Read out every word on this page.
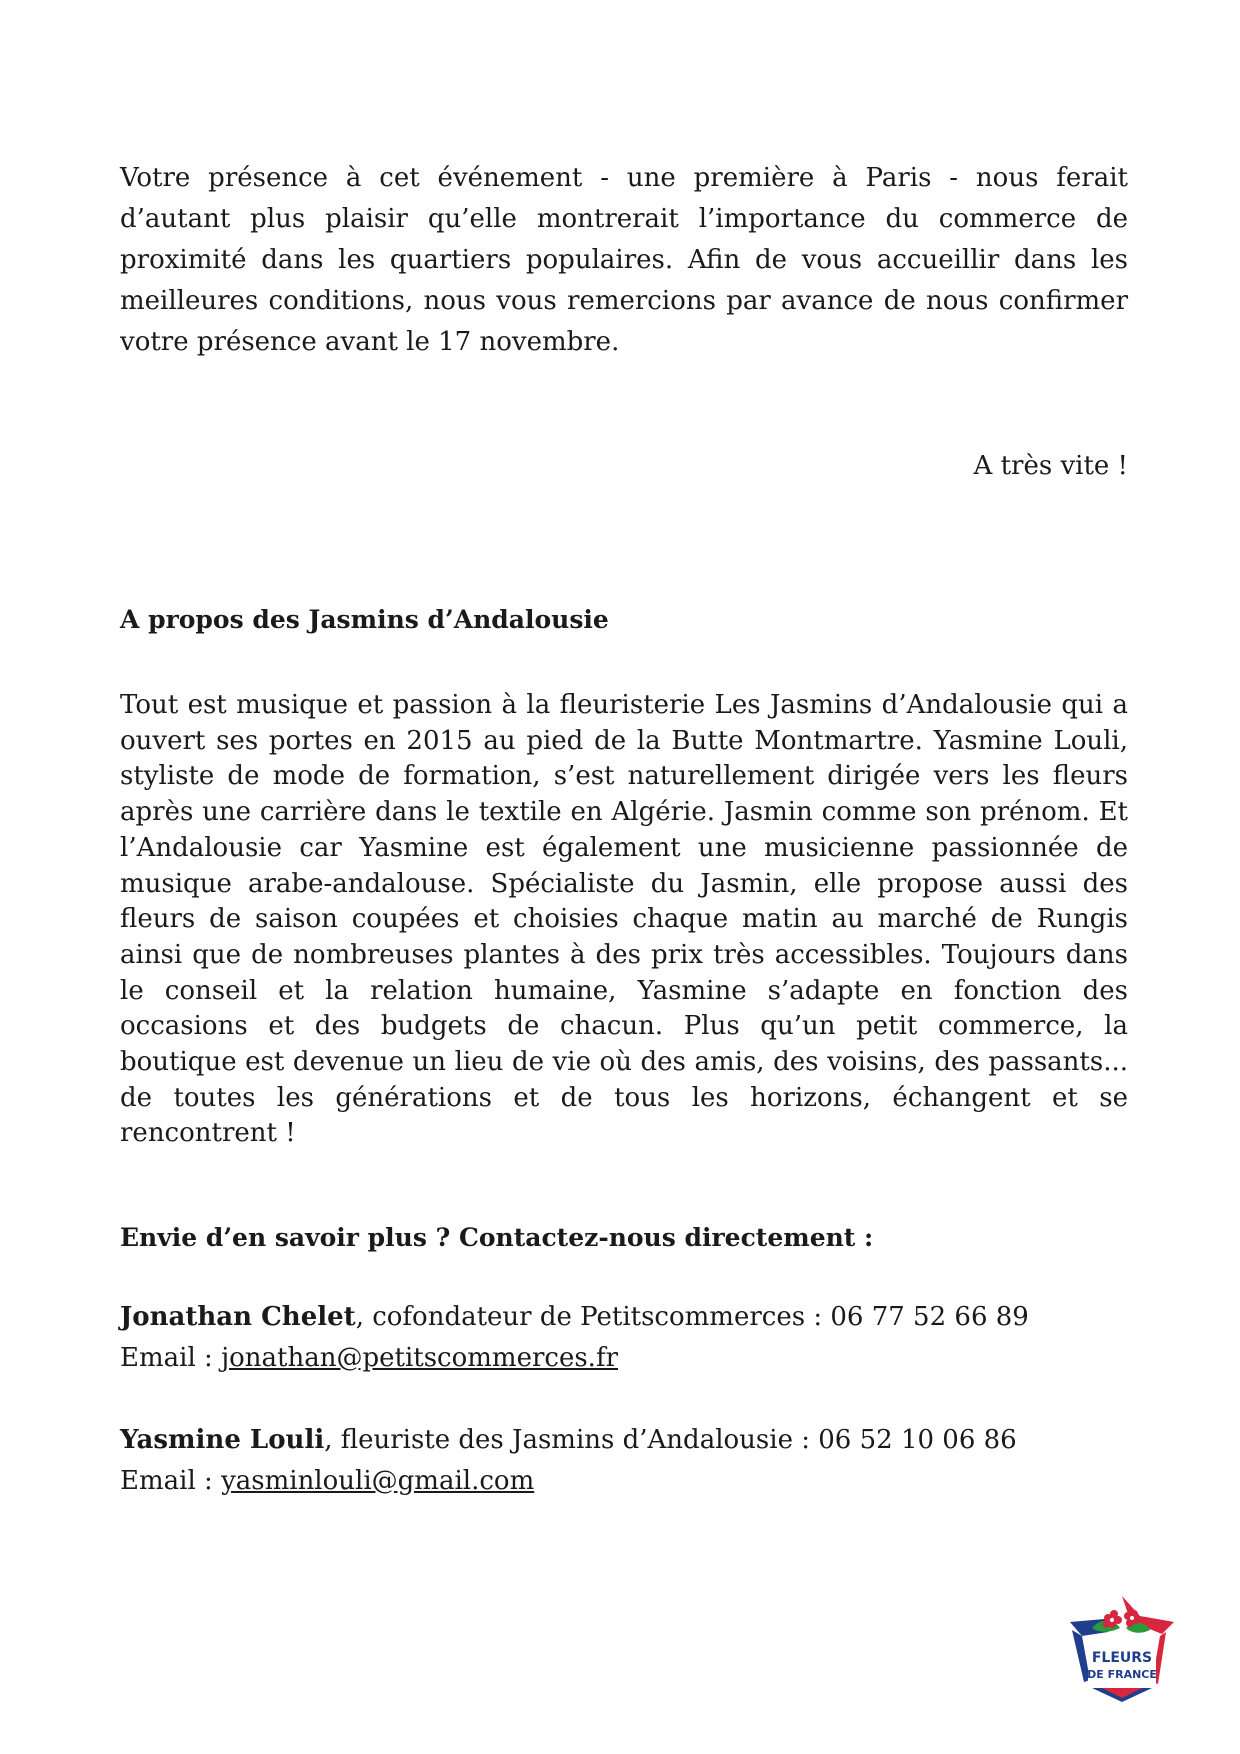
Votre présence à cet événement - une première à Paris - nous ferait d’autant plus plaisir qu’elle montrerait l’importance du commerce de proximité dans les quartiers populaires. Afin de vous accueillir dans les meilleures conditions, nous vous remercions par avance de nous confirmer votre présence avant le 17 novembre.
A très vite !
A propos des Jasmins d’Andalousie
Tout est musique et passion à la fleuristerie Les Jasmins d’Andalousie qui a ouvert ses portes en 2015 au pied de la Butte Montmartre. Yasmine Louli, styliste de mode de formation, s’est naturellement dirigée vers les fleurs après une carrière dans le textile en Algérie. Jasmin comme son prénom. Et l’Andalousie car Yasmine est également une musicienne passionnée de musique arabe-andalouse. Spécialiste du Jasmin, elle propose aussi des fleurs de saison coupées et choisies chaque matin au marché de Rungis ainsi que de nombreuses plantes à des prix très accessibles. Toujours dans le conseil et la relation humaine, Yasmine s’adapte en fonction des occasions et des budgets de chacun. Plus qu’un petit commerce, la boutique est devenue un lieu de vie où des amis, des voisins, des passants... de toutes les générations et de tous les horizons, échangent et se rencontrent !
Envie d’en savoir plus ? Contactez-nous directement :
Jonathan Chelet, cofondateur de Petitscommerces : 06 77 52 66 89
Email : jonathan@petitscommerces.fr
Yasmine Louli, fleuriste des Jasmins d’Andalousie : 06 52 10 06 86
Email : yasminlouli@gmail.com
FLEURS
DE FRANCE
